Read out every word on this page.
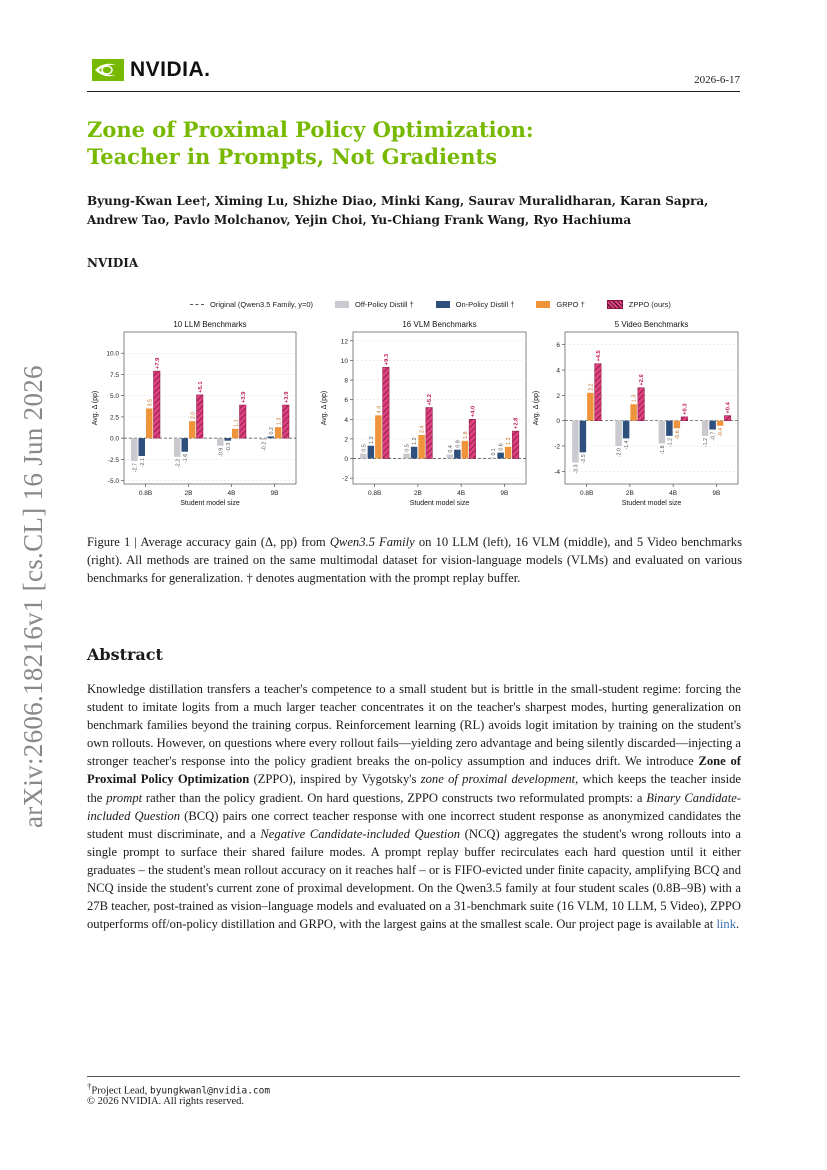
NVIDIA.	2026-6-17
arXiv:2606.18216v1 [cs.CL] 16 Jun 2026
Zone of Proximal Policy Optimization:
Teacher in Prompts, Not Gradients
Byung-Kwan Lee†, Ximing Lu, Shizhe Diao, Minki Kang, Saurav Muralidharan, Karan Sapra,
Andrew Tao, Pavlo Molchanov, Yejin Choi, Yu-Chiang Frank Wang, Ryo Hachiuma
NVIDIA
Original (Qwen3.5 Family, y=0)	Off-Policy Distill †	On-Policy Distill †	GRPO †	ZPPO (ours)
10 LLM Benchmarks
10.0
7.5
5.0
2.5
0.0
-2.5
-5.0
Avg. Δ (pp)
0.8B
-2.7
-2.1
3.5
+7.9
2B
-2.2
-1.6
2.0
+5.1
4B
-0.9
-0.3
1.1
+3.9
9B
-0.2
0.2
1.3
+3.9
Student model size
16 VLM Benchmarks
12
10
8
6
4
2
0
-2
Avg. Δ (pp)
0.8B
0.5
1.3
4.4
+9.3
2B
0.5
1.2
2.4
+5.2
4B
0.4
0.9
1.8
+4.0
9B
0.1
0.6
1.2
+2.8
Student model size
5 Video Benchmarks
6
4
2
0
-2
-4
Avg. Δ (pp)
0.8B
-3.3
-2.5
2.2
+4.5
2B
-2.0
-1.4
1.3
+2.6
4B
-1.8
-1.2
-0.6
+0.3
9B
-1.2
-0.7 -0.4
+0.4
Student model size
Figure 1 | Average accuracy gain (Δ, pp) from Qwen3.5 Family on 10 LLM (left), 16 VLM (middle), and 5 Video benchmarks (right). All methods are trained on the same multimodal dataset for vision-language models (VLMs) and evaluated on various benchmarks for generalization. † denotes augmentation with the prompt replay buffer.
Abstract
Knowledge distillation transfers a teacher's competence to a small student but is brittle in the small-student regime: forcing the student to imitate logits from a much larger teacher concentrates it on the teacher's sharpest modes, hurting generalization on benchmark families beyond the training corpus. Reinforcement learning (RL) avoids logit imitation by training on the student's own rollouts. However, on questions where every rollout fails—yielding zero advantage and being silently discarded—injecting a stronger teacher's response into the policy gradient breaks the on-policy assumption and induces drift. We introduce Zone of Proximal Policy Optimization (ZPPO), inspired by Vygotsky's zone of proximal development, which keeps the teacher inside the prompt rather than the policy gradient. On hard questions, ZPPO constructs two reformulated prompts: a Binary Candidate-included Question (BCQ) pairs one correct teacher response with one incorrect student response as anonymized candidates the student must discriminate, and a Negative Candidate-included Question (NCQ) aggregates the student's wrong rollouts into a single prompt to surface their shared failure modes. A prompt replay buffer recirculates each hard question until it either graduates – the student's mean rollout accuracy on it reaches half – or is FIFO-evicted under finite capacity, amplifying BCQ and NCQ inside the student's current zone of proximal development. On the Qwen3.5 family at four student scales (0.8B–9B) with a 27B teacher, post-trained as vision–language models and evaluated on a 31-benchmark suite (16 VLM, 10 LLM, 5 Video), ZPPO outperforms off/on-policy distillation and GRPO, with the largest gains at the smallest scale. Our project page is available at link.
†Project Lead, byungkwanl@nvidia.com
© 2026 NVIDIA. All rights reserved.
